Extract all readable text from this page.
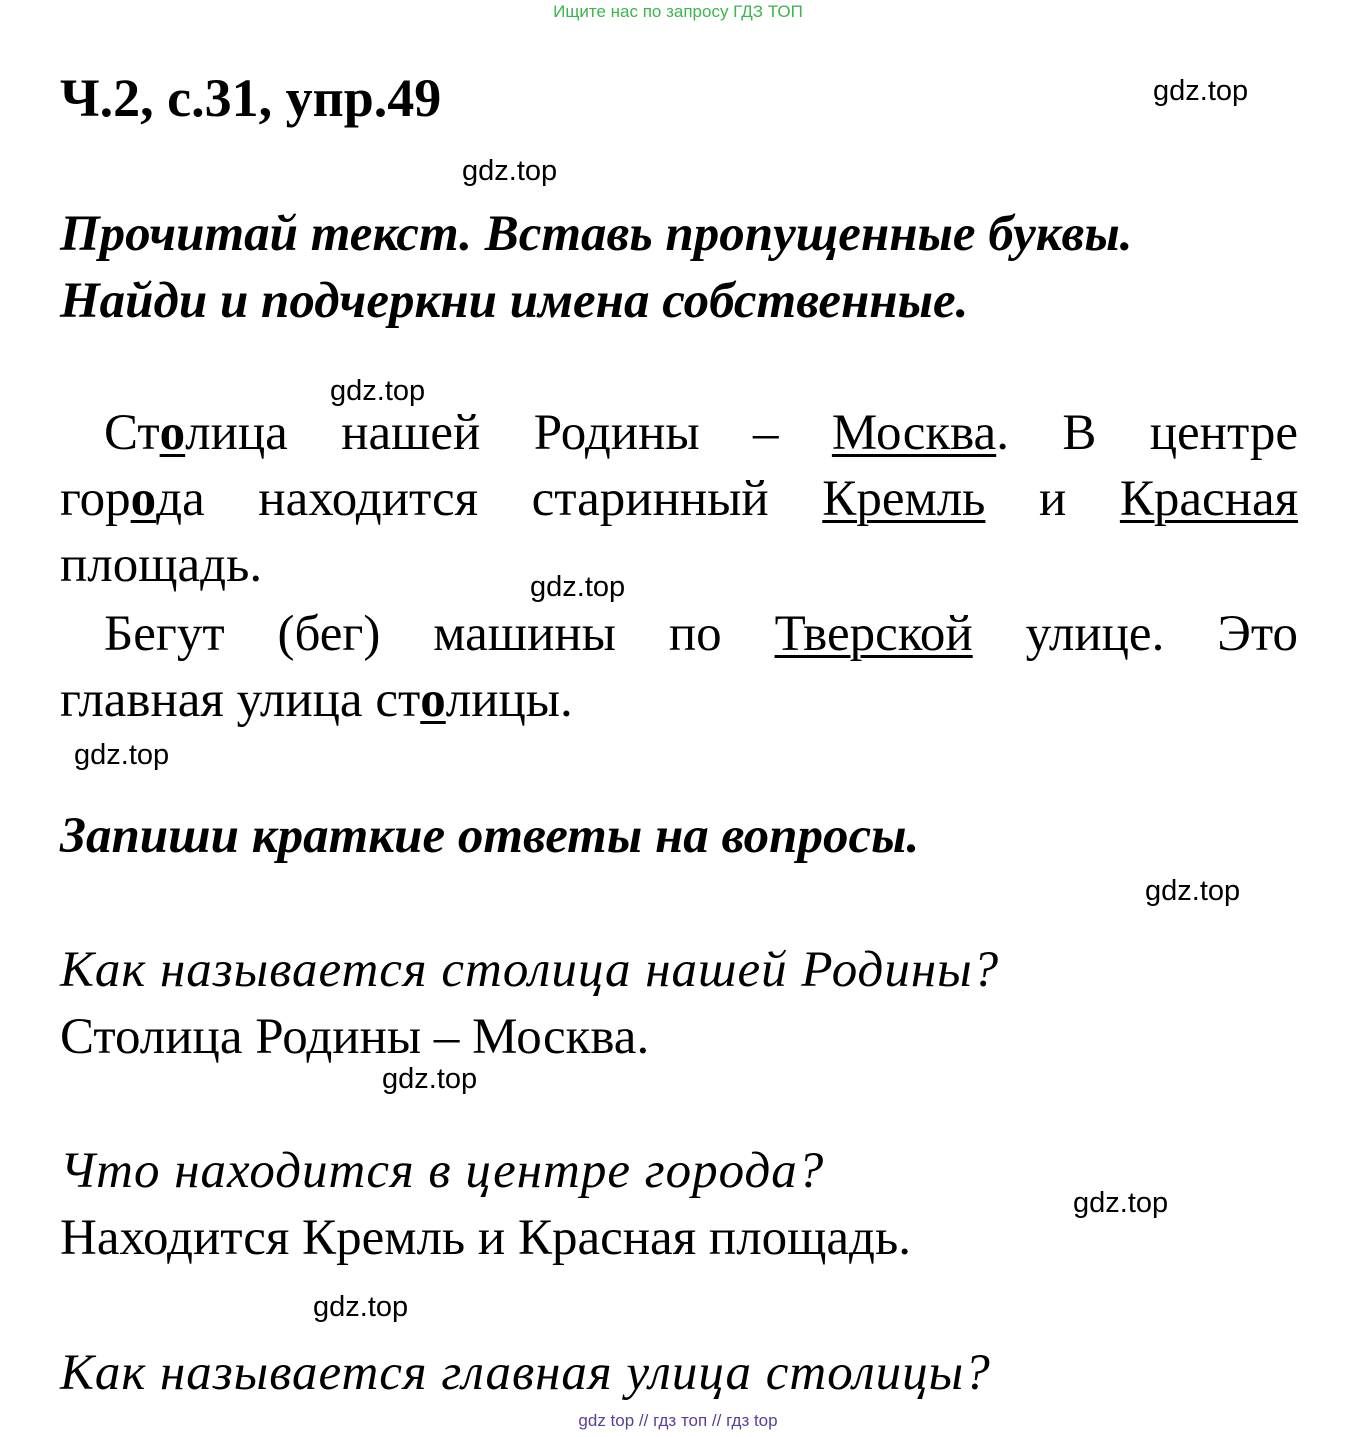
Ищите нас по запросу ГДЗ ТОП
Ч.2, с.31, упр.49	gdz.top
gdz.top
Прочитай текст. Вставь пропущенные буквы.
Найди и подчеркни имена собственные.
gdz.top
Столица нашей Родины – Москва. В центре
города находится старинный Кремль и Красная
площадь.	gdz.top
Бегут (бег) машины по Тверской улице. Это
главная улица столицы.
gdz.top
Запиши краткие ответы на вопросы.
gdz.top
Как называется столица нашей Родины?
Столица Родины – Москва.
gdz.top
Что находится в центре города?
gdz.top
Находится Кремль и Красная площадь.
gdz.top
Как называется главная улица столицы?
gdz top // гдз топ // гдз top
